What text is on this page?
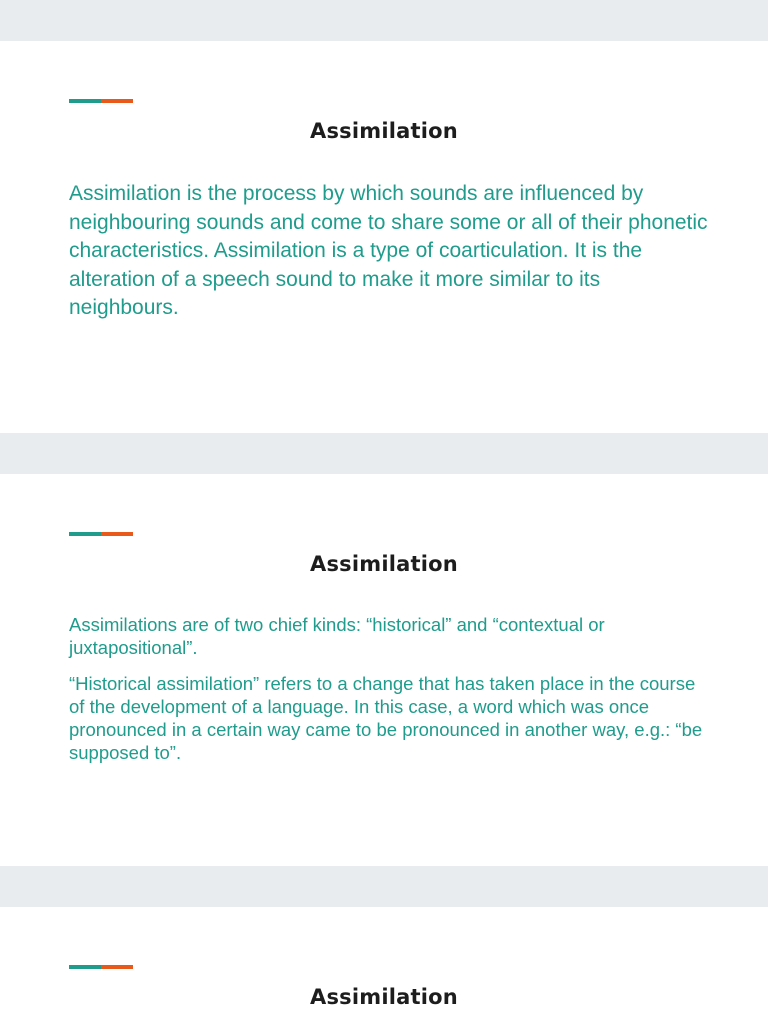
Assimilation
Assimilation is the process by which sounds are influenced by neighbouring sounds and come to share some or all of their phonetic characteristics. Assimilation is a type of coarticulation. It is the alteration of a speech sound to make it more similar to its neighbours.
Assimilation

Assimilations are of two chief kinds: “historical” and “contextual or juxtapositional”.

“Historical assimilation” refers to a change that has taken place in the course of the development of a language. In this case, a word which was once pronounced in a certain way came to be pronounced in another way, e.g.: “be supposed to”.

Assimilation
